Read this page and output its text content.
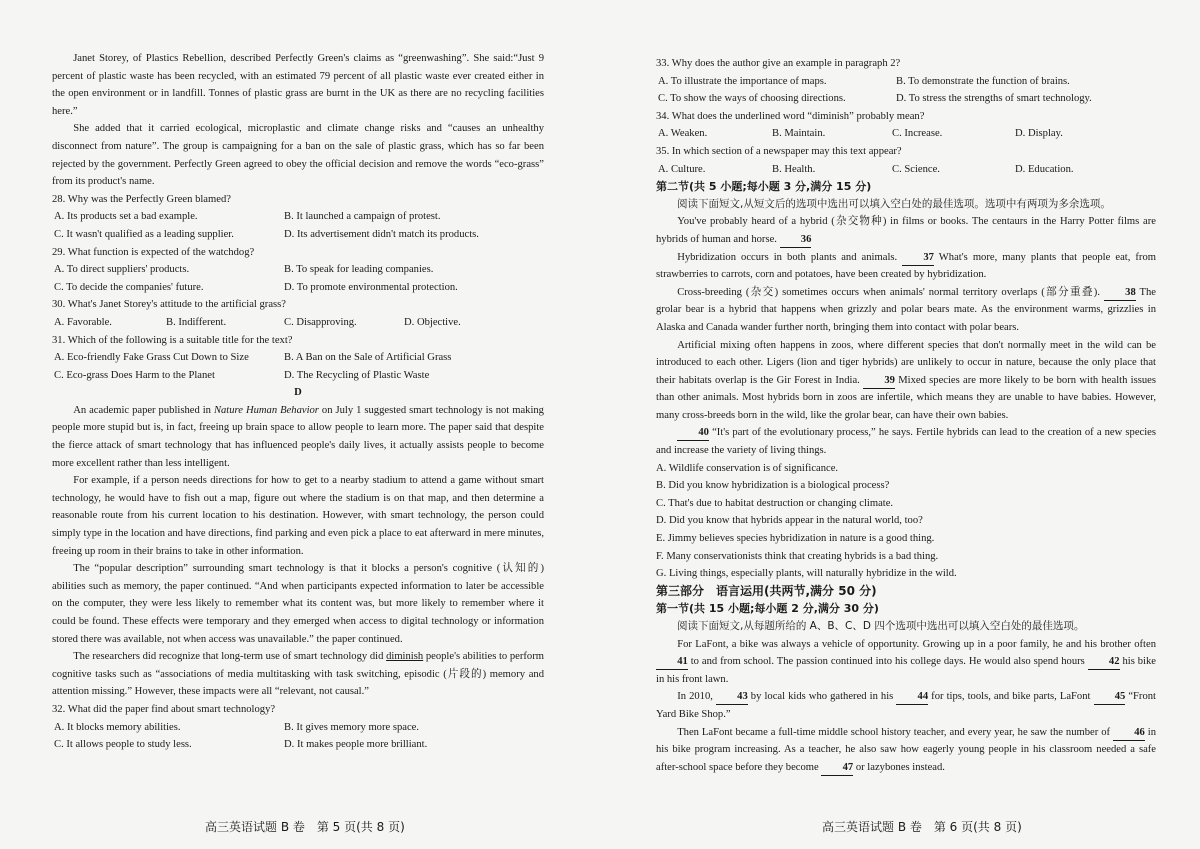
Janet Storey, of Plastics Rebellion, described Perfectly Green's claims as “greenwashing”. She said:“Just 9 percent of plastic waste has been recycled, with an estimated 79 percent of all plastic waste ever created either in the open environment or in landfill. Tonnes of plastic grass are burnt in the UK as there are no recycling facilities here.”

She added that it carried ecological, microplastic and climate change risks and “causes an unhealthy disconnect from nature”. The group is campaigning for a ban on the sale of plastic grass, which has so far been rejected by the government. Perfectly Green agreed to obey the official decision and remove the words “eco-grass” from its product's name.

28. Why was the Perfectly Green blamed?

A. Its products set a bad example.	B. It launched a campaign of protest.
C. It wasn't qualified as a leading supplier.	D. Its advertisement didn't match its products.

29. What function is expected of the watchdog?

A. To direct suppliers' products.	B. To speak for leading companies.
C. To decide the companies' future.	D. To promote environmental protection.

30. What's Janet Storey's attitude to the artificial grass?

A. Favorable.	B. Indifferent.	C. Disapproving.	D. Objective.

31. Which of the following is a suitable title for the text?

A. Eco-friendly Fake Grass Cut Down to Size	B. A Ban on the Sale of Artificial Grass
C. Eco-grass Does Harm to the Planet	D. The Recycling of Plastic Waste

D

An academic paper published in Nature Human Behavior on July 1 suggested smart technology is not making people more stupid but is, in fact, freeing up brain space to allow people to learn more. The paper said that despite the fierce attack of smart technology that has influenced people's daily lives, it actually assists people to become more excellent rather than less intelligent.

For example, if a person needs directions for how to get to a nearby stadium to attend a game without smart technology, he would have to fish out a map, figure out where the stadium is on that map, and then determine a reasonable route from his current location to his destination. However, with smart technology, the person could simply type in the location and have directions, find parking and even pick a place to eat afterward in mere minutes, freeing up room in their brains to take in other information.

The “popular description” surrounding smart technology is that it blocks a person's cognitive (认知的) abilities such as memory, the paper continued. “And when participants expected information to later be accessible on the computer, they were less likely to remember what its content was, but more likely to remember where it could be found. These effects were temporary and they emerged when access to digital technology or information stored there was available, not when access was unavailable.” the paper continued.

The researchers did recognize that long-term use of smart technology did diminish people's abilities to perform cognitive tasks such as “associations of media multitasking with task switching, episodic (片段的) memory and attention missing.” However, these impacts were all “relevant, not causal.”

32. What did the paper find about smart technology?

A. It blocks memory abilities.	B. It gives memory more space.
C. It allows people to study less.	D. It makes people more brilliant.
高三英语试题 B 卷　第 5 页(共 8 页)

33. Why does the author give an example in paragraph 2?

A. To illustrate the importance of maps.	B. To demonstrate the function of brains.
C. To show the ways of choosing directions.	D. To stress the strengths of smart technology.

34. What does the underlined word “diminish” probably mean?

A. Weaken.	B. Maintain.	C. Increase.	D. Display.

35. In which section of a newspaper may this text appear?

A. Culture.	B. Health.	C. Science.	D. Education.

第二节(共 5 小题;每小题 3 分,满分 15 分)

阅读下面短文,从短文后的选项中选出可以填入空白处的最佳选项。选项中有两项为多余选项。

You've probably heard of a hybrid (杂交物种) in films or books. The centaurs in the Harry Potter films are hybrids of human and horse. 36

Hybridization occurs in both plants and animals. 37 What's more, many plants that people eat, from strawberries to carrots, corn and potatoes, have been created by hybridization.

Cross-breeding (杂交) sometimes occurs when animals' normal territory overlaps (部分重叠). 38 The grolar bear is a hybrid that happens when grizzly and polar bears mate. As the environment warms, grizzlies in Alaska and Canada wander further north, bringing them into contact with polar bears.

Artificial mixing often happens in zoos, where different species that don't normally meet in the wild can be introduced to each other. Ligers (lion and tiger hybrids) are unlikely to occur in nature, because the only place that their habitats overlap is the Gir Forest in India. 39 Mixed species are more likely to be born with health issues than other animals. Most hybrids born in zoos are infertile, which means they are unable to have babies. However, many cross-breeds born in the wild, like the grolar bear, can have their own babies.

40 “It's part of the evolutionary process,” he says. Fertile hybrids can lead to the creation of a new species and increase the variety of living things.

A. Wildlife conservation is of significance.

B. Did you know hybridization is a biological process?

C. That's due to habitat destruction or changing climate.

D. Did you know that hybrids appear in the natural world, too?

E. Jimmy believes species hybridization in nature is a good thing.

F. Many conservationists think that creating hybrids is a bad thing.

G. Living things, especially plants, will naturally hybridize in the wild.

第三部分　语言运用(共两节,满分 50 分)

第一节(共 15 小题;每小题 2 分,满分 30 分)

阅读下面短文,从每题所给的 A、B、C、D 四个选项中选出可以填入空白处的最佳选项。

For LaFont, a bike was always a vehicle of opportunity. Growing up in a poor family, he and his brother often 41 to and from school. The passion continued into his college days. He would also spend hours 42 his bike in his front lawn.

In 2010, 43 by local kids who gathered in his 44 for tips, tools, and bike parts, LaFont 45 “Front Yard Bike Shop.”

Then LaFont became a full-time middle school history teacher, and every year, he saw the number of 46 in his bike program increasing. As a teacher, he also saw how eagerly young people in his classroom needed a safe after-school space before they become 47 or lazybones instead.

高三英语试题 B 卷　第 6 页(共 8 页)
